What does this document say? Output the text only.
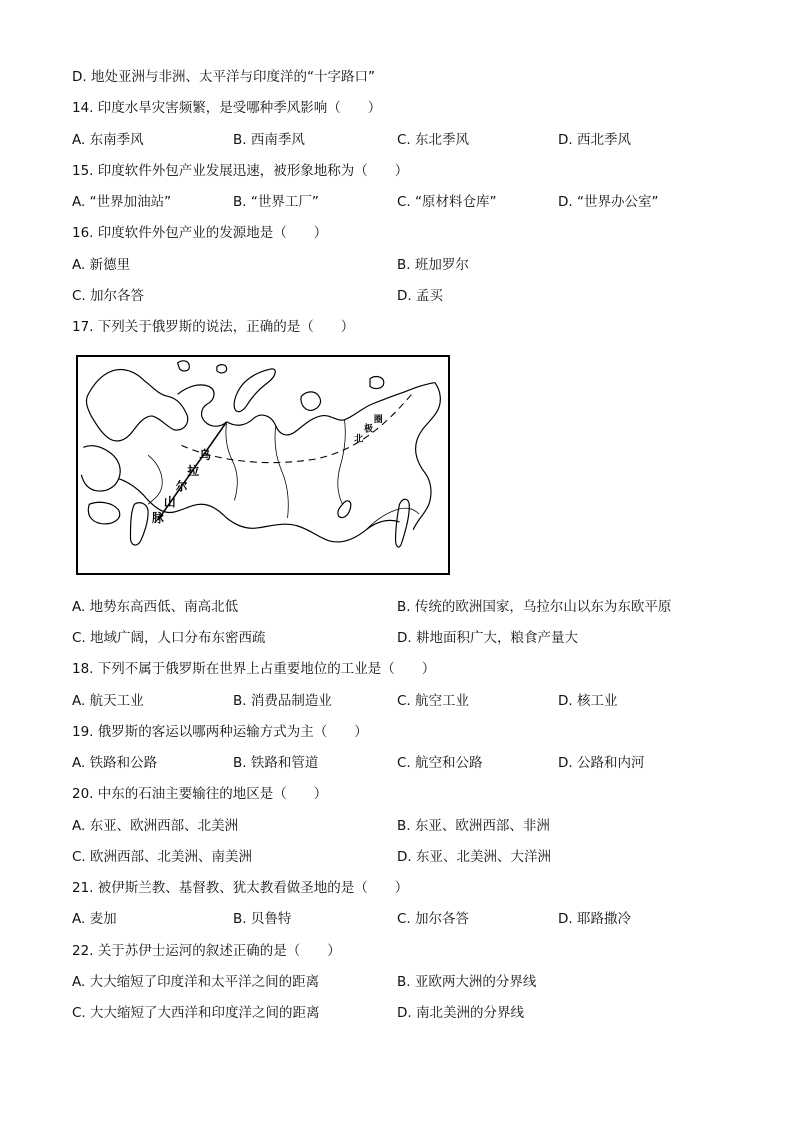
D. 地处亚洲与非洲、太平洋与印度洋的“十字路口”
14. 印度水旱灾害频繁，是受哪种季风影响（　　）
A. 东南季风	B. 西南季风	C. 东北季风	D. 西北季风
15. 印度软件外包产业发展迅速，被形象地称为（　　）
A. “世界加油站”	B. “世界工厂”	C. “原材料仓库”	D. “世界办公室”
16. 印度软件外包产业的发源地是（　　）
A. 新德里	B. 班加罗尔
C. 加尔各答	D. 孟买
17. 下列关于俄罗斯的说法，正确的是（　　）
乌
拉
尔
山
脉
北
极
圈
A. 地势东高西低、南高北低	B. 传统的欧洲国家，乌拉尔山以东为东欧平原
C. 地域广阔，人口分布东密西疏	D. 耕地面积广大，粮食产量大
18. 下列不属于俄罗斯在世界上占重要地位的工业是（　　）
A. 航天工业	B. 消费品制造业	C. 航空工业	D. 核工业
19. 俄罗斯的客运以哪两种运输方式为主（　　）
A. 铁路和公路	B. 铁路和管道	C. 航空和公路	D. 公路和内河
20. 中东的石油主要输往的地区是（　　）
A. 东亚、欧洲西部、北美洲	B. 东亚、欧洲西部、非洲
C. 欧洲西部、北美洲、南美洲	D. 东亚、北美洲、大洋洲
21. 被伊斯兰教、基督教、犹太教看做圣地的是（　　）
A. 麦加	B. 贝鲁特	C. 加尔各答	D. 耶路撒冷
22. 关于苏伊士运河的叙述正确的是（　　）
A. 大大缩短了印度洋和太平洋之间的距离	B. 亚欧两大洲的分界线
C. 大大缩短了大西洋和印度洋之间的距离	D. 南北美洲的分界线
